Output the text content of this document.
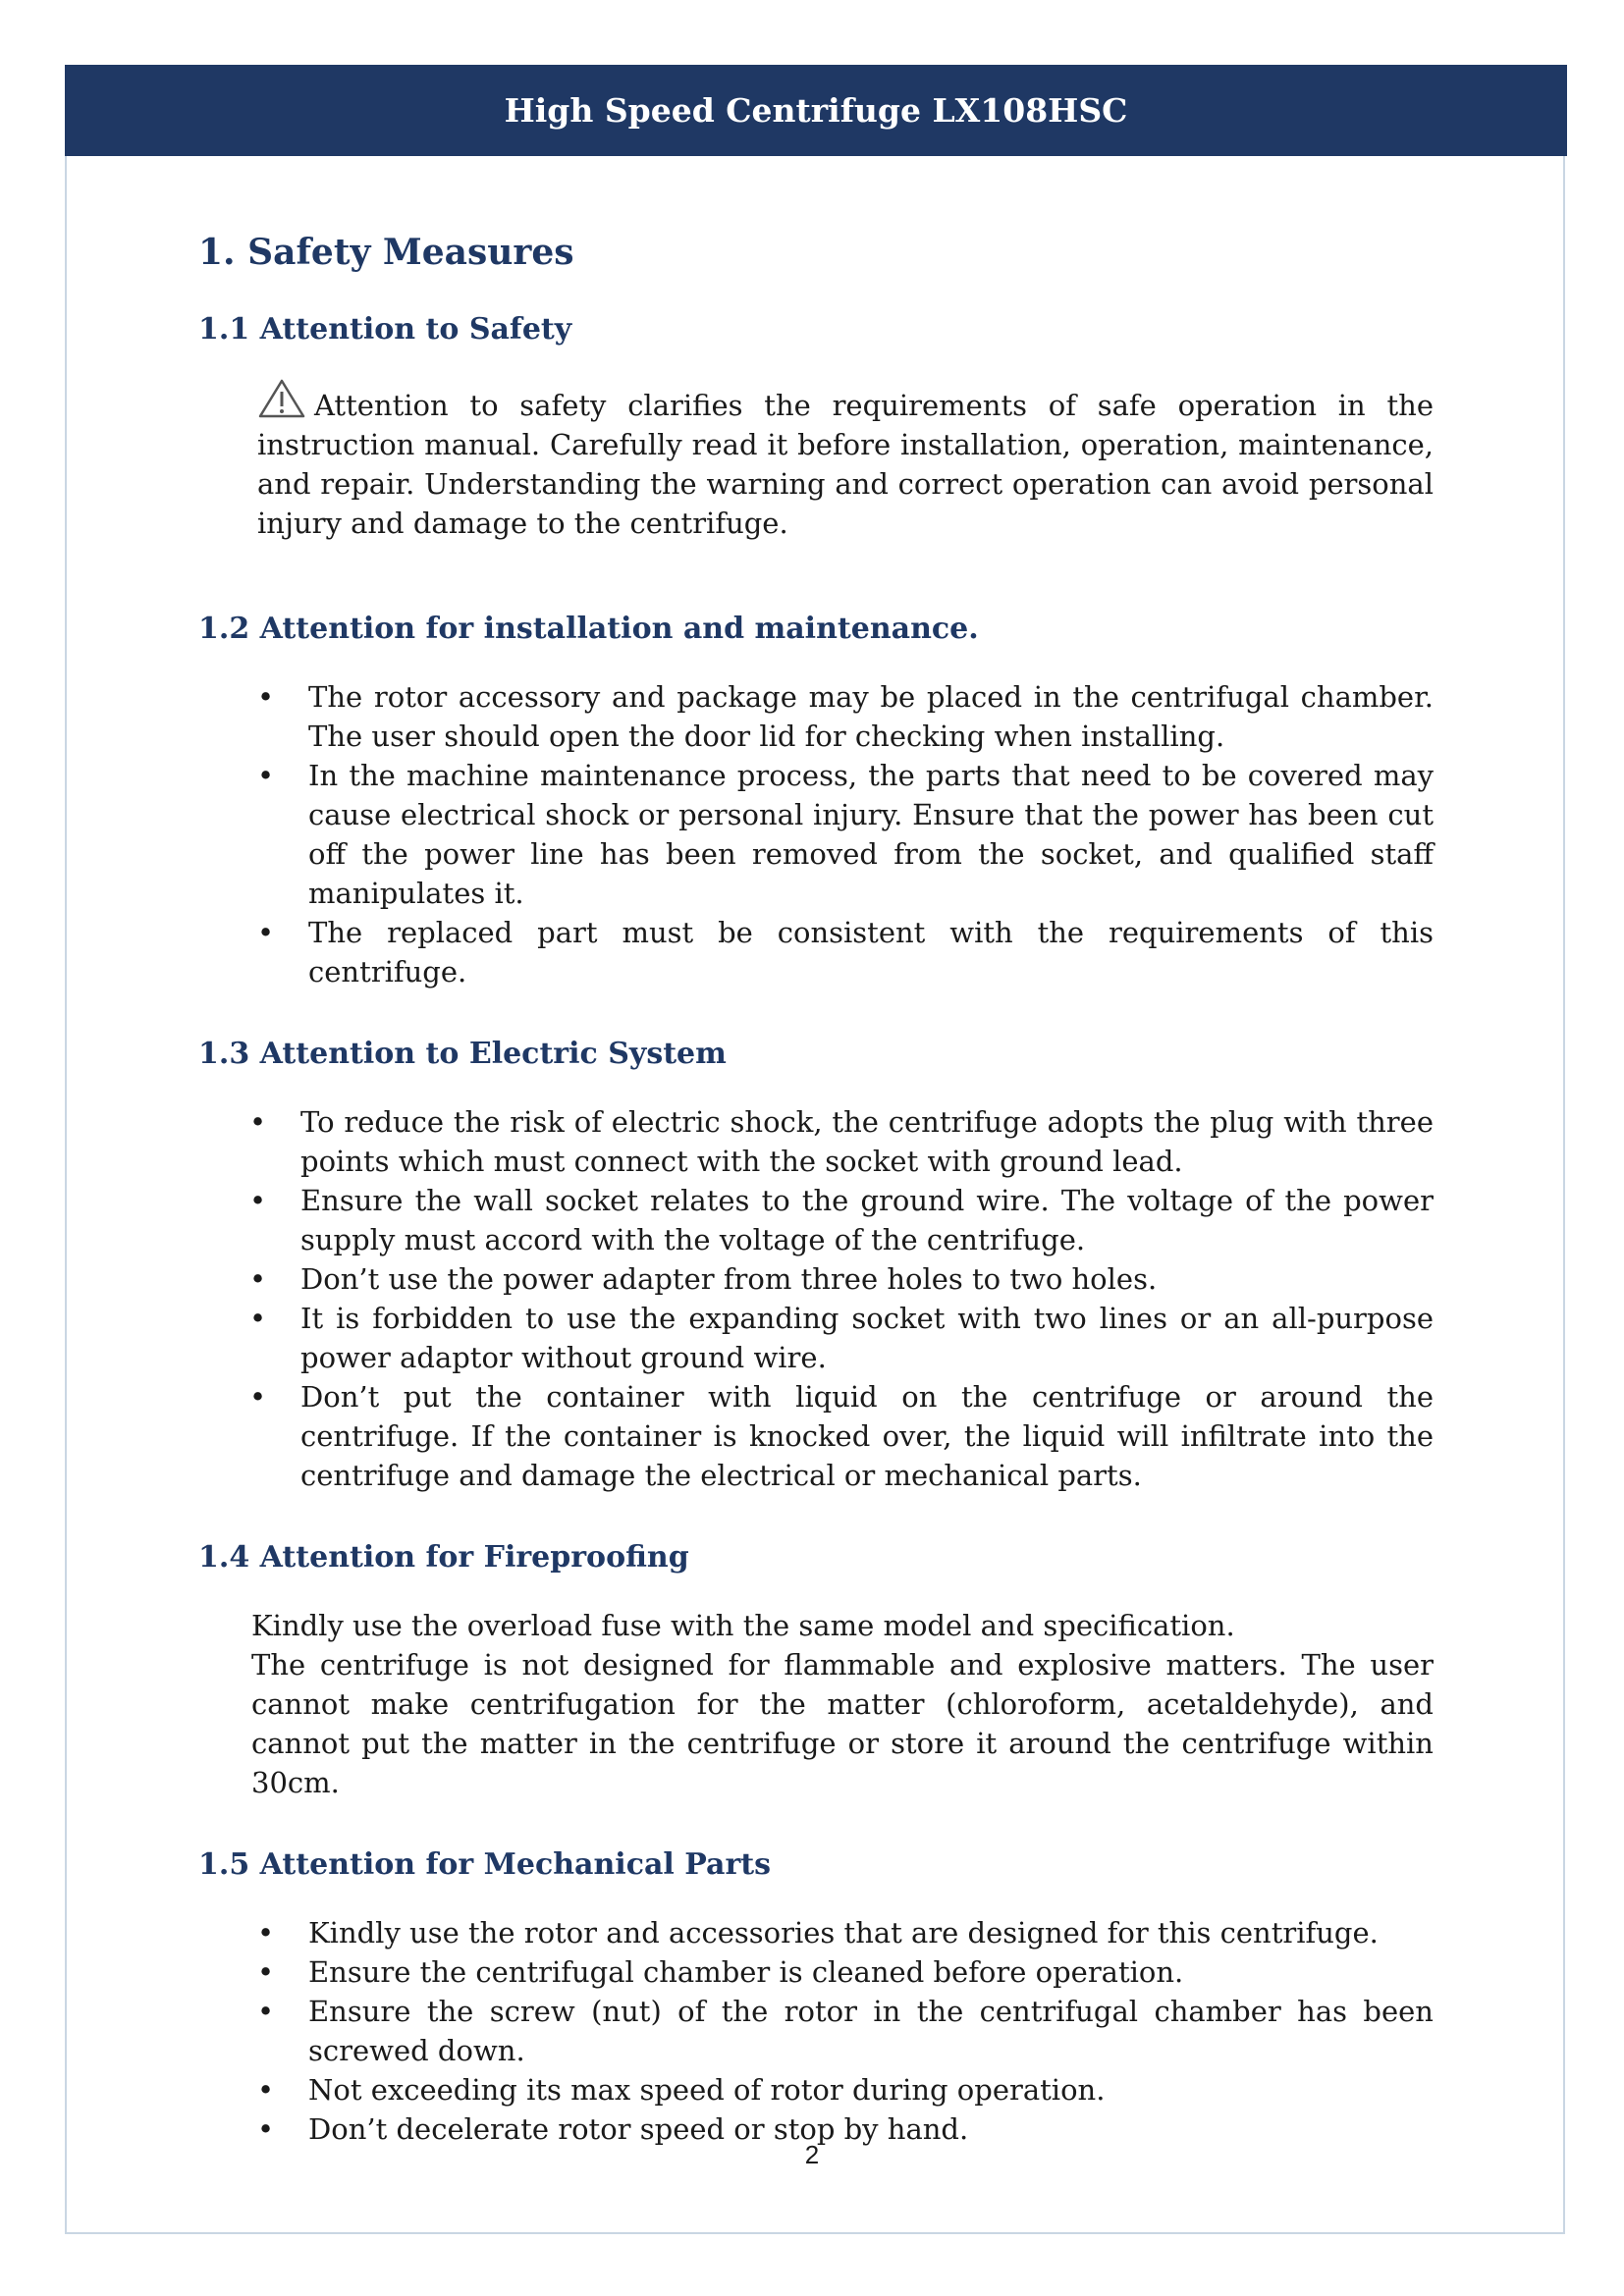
High Speed Centrifuge LX108HSC
1. Safety Measures
1.1 Attention to Safety

Attention to safety clarifies the requirements of safe operation in the instruction manual. Carefully read it before installation, operation, maintenance, and repair. Understanding the warning and correct operation can avoid personal injury and damage to the centrifuge.

1.2 Attention for installation and maintenance.
• The rotor accessory and package may be placed in the centrifugal chamber. The user should open the door lid for checking when installing.
• In the machine maintenance process, the parts that need to be covered may cause electrical shock or personal injury. Ensure that the power has been cut off the power line has been removed from the socket, and qualified staff manipulates it.
• The replaced part must be consistent with the requirements of this centrifuge.
1.3 Attention to Electric System
• To reduce the risk of electric shock, the centrifuge adopts the plug with three points which must connect with the socket with ground lead.
• Ensure the wall socket relates to the ground wire. The voltage of the power supply must accord with the voltage of the centrifuge.
• Don’t use the power adapter from three holes to two holes.
• It is forbidden to use the expanding socket with two lines or an all-purpose power adaptor without ground wire.
• Don’t put the container with liquid on the centrifuge or around the centrifuge. If the container is knocked over, the liquid will infiltrate into the centrifuge and damage the electrical or mechanical parts.
1.4 Attention for Fireproofing

Kindly use the overload fuse with the same model and specification.

The centrifuge is not designed for flammable and explosive matters. The user cannot make centrifugation for the matter (chloroform, acetaldehyde), and cannot put the matter in the centrifuge or store it around the centrifuge within 30cm.

1.5 Attention for Mechanical Parts
• Kindly use the rotor and accessories that are designed for this centrifuge.
• Ensure the centrifugal chamber is cleaned before operation.
• Ensure the screw (nut) of the rotor in the centrifugal chamber has been screwed down.
• Not exceeding its max speed of rotor during operation.
• Don’t decelerate rotor speed or stop by hand.
2
